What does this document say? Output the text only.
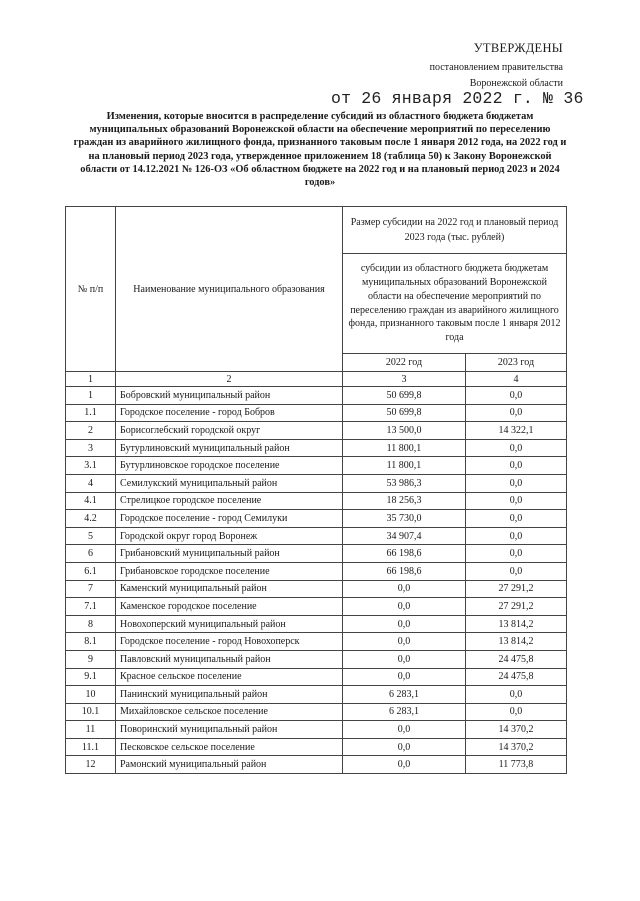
УТВЕРЖДЕНЫ
постановлением правительства
Воронежской области
от 26 января 2022 г. № 36
Изменения, которые вносится в распределение субсидий из областного бюджета бюджетам муниципальных образований Воронежской области на обеспечение мероприятий по переселению граждан из аварийного жилищного фонда, признанного таковым после 1 января 2012 года, на 2022 год и на плановый период 2023 года, утвержденное приложением 18 (таблица 50) к Закону Воронежской области от 14.12.2021 № 126-ОЗ «Об областном бюджете на 2022 год и на плановый период 2023 и 2024 годов»
№ п/п	Наименование муниципального образования	Размер субсидии на 2022 год и плановый период 2023 года (тыс. рублей)	
		субсидии из областного бюджета бюджетам муниципальных образований Воронежской области на обеспечение мероприятий по переселению граждан из аварийного жилищного фонда, признанного таковым после 1 января 2012 года	
		2022 год	2023 год
1	2	3	4
1	Бобровский муниципальный район	50 699,8	0,0
1.1	Городское поселение - город Бобров	50 699,8	0,0
2	Борисоглебский городской округ	13 500,0	14 322,1
3	Бутурлиновский муниципальный район	11 800,1	0,0
3.1	Бутурлиновское городское поселение	11 800,1	0,0
4	Семилукский муниципальный район	53 986,3	0,0
4.1	Стрелицкое городское поселение	18 256,3	0,0
4.2	Городское поселение - город Семилуки	35 730,0	0,0
5	Городской округ город Воронеж	34 907,4	0,0
6	Грибановский муниципальный район	66 198,6	0,0
6.1	Грибановское городское поселение	66 198,6	0,0
7	Каменский муниципальный район	0,0	27 291,2
7.1	Каменское городское поселение	0,0	27 291,2
8	Новохоперский муниципальный район	0,0	13 814,2
8.1	Городское поселение - город Новохоперск	0,0	13 814,2
9	Павловский муниципальный район	0,0	24 475,8
9.1	Красное сельское поселение	0,0	24 475,8
10	Панинский муниципальный район	6 283,1	0,0
10.1	Михайловское сельское поселение	6 283,1	0,0
11	Поворинский муниципальный район	0,0	14 370,2
11.1	Песковское сельское поселение	0,0	14 370,2
12	Рамонский муниципальный район	0,0	11 773,8
